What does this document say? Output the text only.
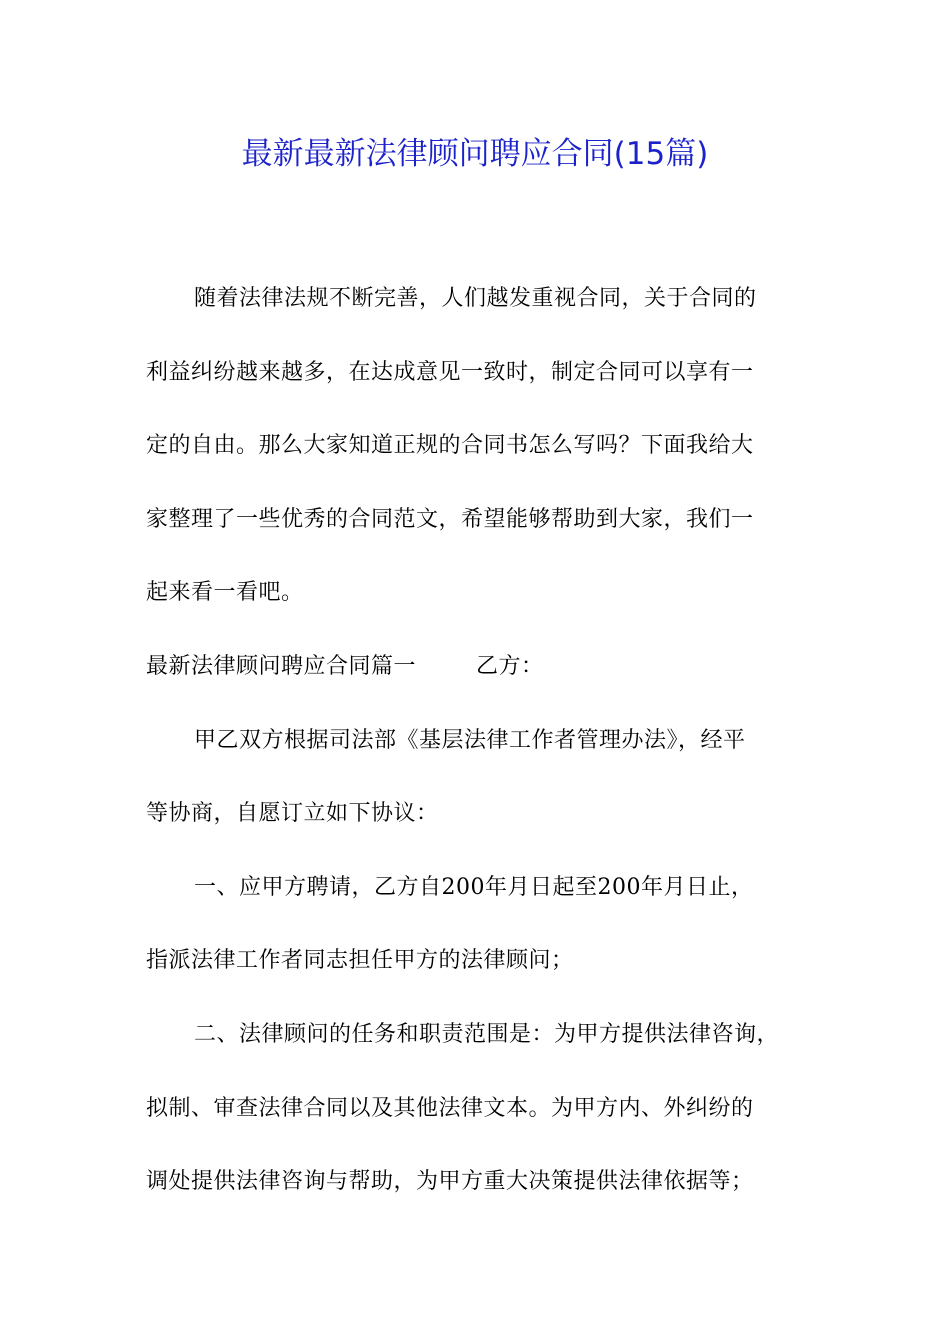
最新最新法律顾问聘应合同(15篇)

随着法律法规不断完善，人们越发重视合同，关于合同的
利益纠纷越来越多，在达成意见一致时，制定合同可以享有一
定的自由。那么大家知道正规的合同书怎么写吗？下面我给大
家整理了一些优秀的合同范文，希望能够帮助到大家，我们一
起来看一看吧。

最新法律顾问聘应合同篇一	乙方：

甲乙双方根据司法部《基层法律工作者管理办法》，经平
等协商，自愿订立如下协议：

一、应甲方聘请，乙方自200年月日起至200年月日止，
指派法律工作者同志担任甲方的法律顾问；

二、法律顾问的任务和职责范围是：为甲方提供法律咨询，
拟制、审查法律合同以及其他法律文本。为甲方内、外纠纷的
调处提供法律咨询与帮助，为甲方重大决策提供法律依据等；
